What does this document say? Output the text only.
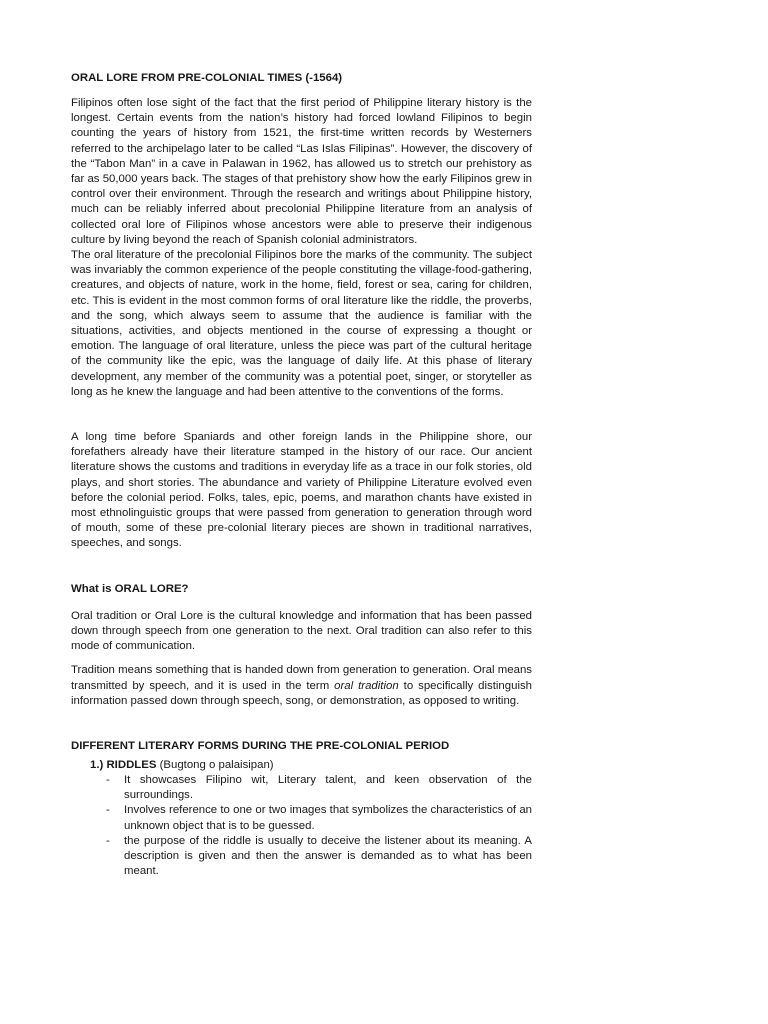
ORAL LORE FROM PRE-COLONIAL TIMES (-1564)

Filipinos often lose sight of the fact that the first period of Philippine literary history is the longest. Certain events from the nation’s history had forced lowland Filipinos to begin counting the years of history from 1521, the first-time written records by Westerners referred to the archipelago later to be called “Las Islas Filipinas”. However, the discovery of the “Tabon Man” in a cave in Palawan in 1962, has allowed us to stretch our prehistory as far as 50,000 years back. The stages of that prehistory show how the early Filipinos grew in control over their environment. Through the research and writings about Philippine history, much can be reliably inferred about precolonial Philippine literature from an analysis of collected oral lore of Filipinos whose ancestors were able to preserve their indigenous culture by living beyond the reach of Spanish colonial administrators.

The oral literature of the precolonial Filipinos bore the marks of the community. The subject was invariably the common experience of the people constituting the village-food-gathering, creatures, and objects of nature, work in the home, field, forest or sea, caring for children, etc. This is evident in the most common forms of oral literature like the riddle, the proverbs, and the song, which always seem to assume that the audience is familiar with the situations, activities, and objects mentioned in the course of expressing a thought or emotion. The language of oral literature, unless the piece was part of the cultural heritage of the community like the epic, was the language of daily life. At this phase of literary development, any member of the community was a potential poet, singer, or storyteller as long as he knew the language and had been attentive to the conventions of the forms.

A long time before Spaniards and other foreign lands in the Philippine shore, our forefathers already have their literature stamped in the history of our race. Our ancient literature shows the customs and traditions in everyday life as a trace in our folk stories, old plays, and short stories. The abundance and variety of Philippine Literature evolved even before the colonial period. Folks, tales, epic, poems, and marathon chants have existed in most ethnolinguistic groups that were passed from generation to generation through word of mouth, some of these pre-colonial literary pieces are shown in traditional narratives, speeches, and songs.

What is ORAL LORE?

Oral tradition or Oral Lore is the cultural knowledge and information that has been passed down through speech from one generation to the next. Oral tradition can also refer to this mode of communication.

Tradition means something that is handed down from generation to generation. Oral means transmitted by speech, and it is used in the term oral tradition to specifically distinguish information passed down through speech, song, or demonstration, as opposed to writing.

DIFFERENT LITERARY FORMS DURING THE PRE-COLONIAL PERIOD

1.) RIDDLES (Bugtong o palaisipan)
- It showcases Filipino wit, Literary talent, and keen observation of the surroundings.
- Involves reference to one or two images that symbolizes the characteristics of an unknown object that is to be guessed.
- the purpose of the riddle is usually to deceive the listener about its meaning. A description is given and then the answer is demanded as to what has been meant.
